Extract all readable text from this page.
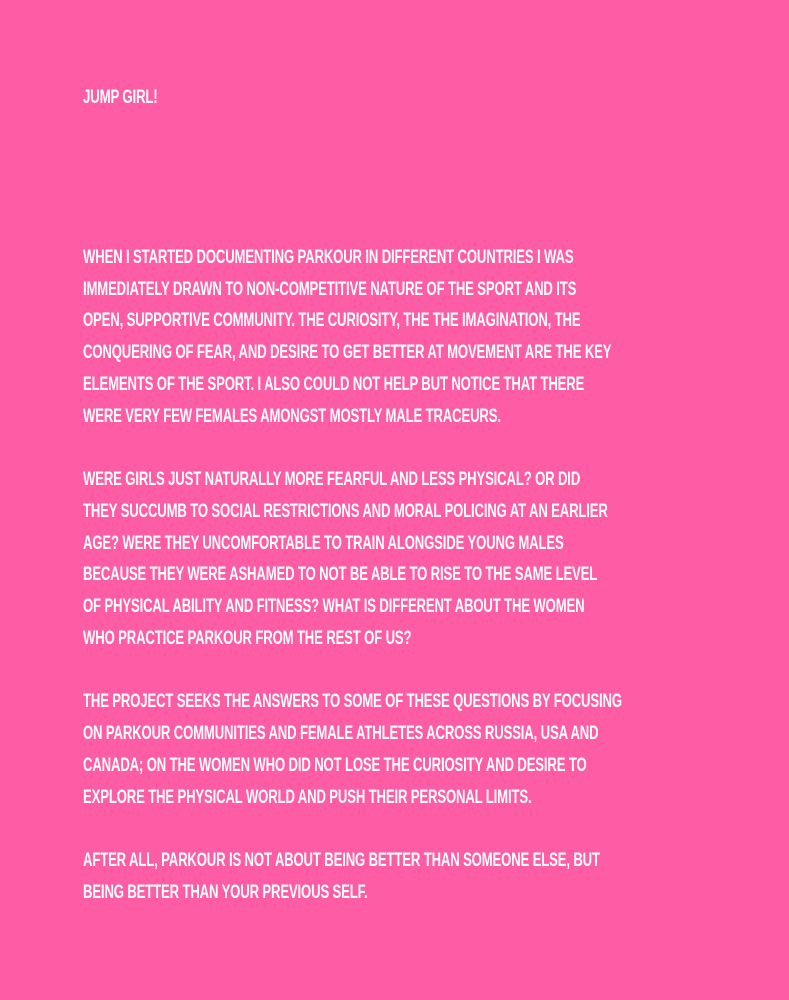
JUMP GIRL!

WHEN I STARTED DOCUMENTING PARKOUR IN DIFFERENT COUNTRIES I WAS
IMMEDIATELY DRAWN TO NON-COMPETITIVE NATURE OF THE SPORT AND ITS
OPEN, SUPPORTIVE COMMUNITY. THE CURIOSITY, THE THE IMAGINATION, THE
CONQUERING OF FEAR, AND DESIRE TO GET BETTER AT MOVEMENT ARE THE KEY
ELEMENTS OF THE SPORT. I ALSO COULD NOT HELP BUT NOTICE THAT THERE
WERE VERY FEW FEMALES AMONGST MOSTLY MALE TRACEURS.

WERE GIRLS JUST NATURALLY MORE FEARFUL AND LESS PHYSICAL? OR DID
THEY SUCCUMB TO SOCIAL RESTRICTIONS AND MORAL POLICING AT AN EARLIER
AGE? WERE THEY UNCOMFORTABLE TO TRAIN ALONGSIDE YOUNG MALES
BECAUSE THEY WERE ASHAMED TO NOT BE ABLE TO RISE TO THE SAME LEVEL
OF PHYSICAL ABILITY AND FITNESS? WHAT IS DIFFERENT ABOUT THE WOMEN
WHO PRACTICE PARKOUR FROM THE REST OF US?

THE PROJECT SEEKS THE ANSWERS TO SOME OF THESE QUESTIONS BY FOCUSING
ON PARKOUR COMMUNITIES AND FEMALE ATHLETES ACROSS RUSSIA, USA AND
CANADA; ON THE WOMEN WHO DID NOT LOSE THE CURIOSITY AND DESIRE TO
EXPLORE THE PHYSICAL WORLD AND PUSH THEIR PERSONAL LIMITS.

AFTER ALL, PARKOUR IS NOT ABOUT BEING BETTER THAN SOMEONE ELSE, BUT
BEING BETTER THAN YOUR PREVIOUS SELF.
